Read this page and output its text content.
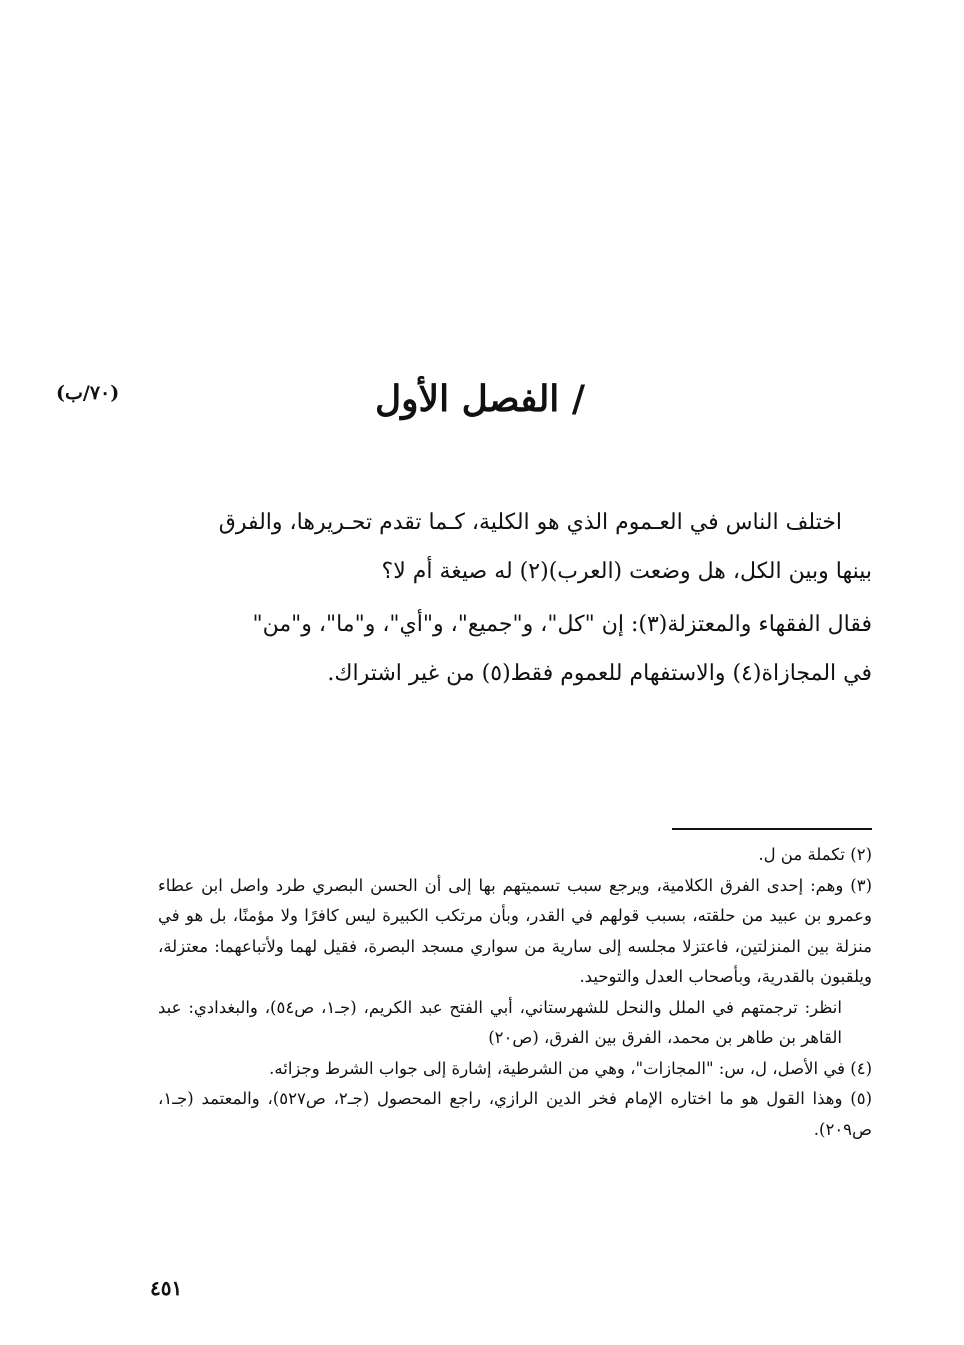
(٧٠/ب)	/ الفصل الأول

اختلف الناس في العـموم الذي هو الكلية، كـما تقدم تحـريرها، والفرق

بينها وبين الكل، هل وضعت (العرب)(٢) له صيغة أم لا؟

فقال الفقهاء والمعتزلة(٣): إن "كل"، و"جميع"، و"أي"، و"ما"، و"من"

في المجازاة(٤) والاستفهام للعموم فقط(٥) من غير اشتراك.

(٢) تكملة من ل.

(٣) وهم: إحدى الفرق الكلامية، ويرجع سبب تسميتهم بها إلى أن الحسن البصري طرد واصل ابن عطاء وعمرو بن عبيد من حلقته، بسبب قولهم في القدر، وبأن مرتكب الكبيرة ليس كافرًا ولا مؤمنًا، بل هو في منزلة بين المنزلتين، فاعتزلا مجلسه إلى سارية من سواري مسجد البصرة، فقيل لهما ولأتباعهما: معتزلة، ويلقبون بالقدرية، وبأصحاب العدل والتوحيد.

انظر: ترجمتهم في الملل والنحل للشهرستاني، أبي الفتح عبد الكريم، (جـ١، ص٥٤)، والبغدادي: عبد القاهر بن طاهر بن محمد، الفرق بين الفرق، (ص٢٠)

(٤) في الأصل، ل، س: "المجازات"، وهي من الشرطية، إشارة إلى جواب الشرط وجزائه.

(٥) وهذا القول هو ما اختاره الإمام فخر الدين الرازي، راجع المحصول (جـ٢، ص٥٢٧)، والمعتمد (جـ١، ص٢٠٩).

٤٥١
